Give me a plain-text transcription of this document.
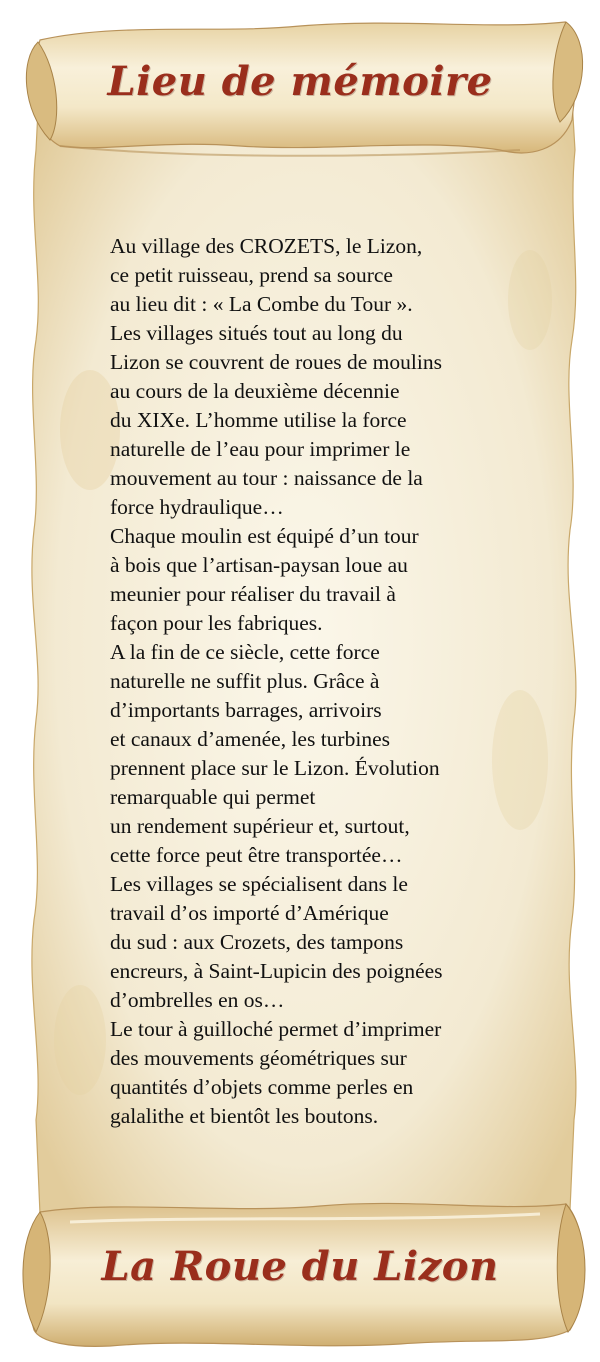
Lieu de mémoire
Au village des CROZETS, le Lizon,
ce petit ruisseau, prend sa source
au lieu dit : « La Combe du Tour ».
Les villages situés tout au long du
Lizon se couvrent de roues de moulins
au cours de la deuxième décennie
du XIXe. L’homme utilise la force
naturelle de l’eau pour imprimer le
mouvement au tour : naissance de la
force hydraulique…
Chaque moulin est équipé d’un tour
à bois que l’artisan-paysan loue au
meunier pour réaliser du travail à
façon pour les fabriques.
A la fin de ce siècle, cette force
naturelle ne suffit plus. Grâce à
d’importants barrages, arrivoirs
et canaux d’amenée, les turbines
prennent place sur le Lizon. Évolution
remarquable qui permet
un rendement supérieur et, surtout,
cette force peut être transportée…
Les villages se spécialisent dans le
travail d’os importé d’Amérique
du sud : aux Crozets, des tampons
encreurs, à Saint-Lupicin des poignées
d’ombrelles en os…
Le tour à guilloché permet d’imprimer
des mouvements géométriques sur
quantités d’objets comme perles en
galalithe et bientôt les boutons.
La Roue du Lizon
